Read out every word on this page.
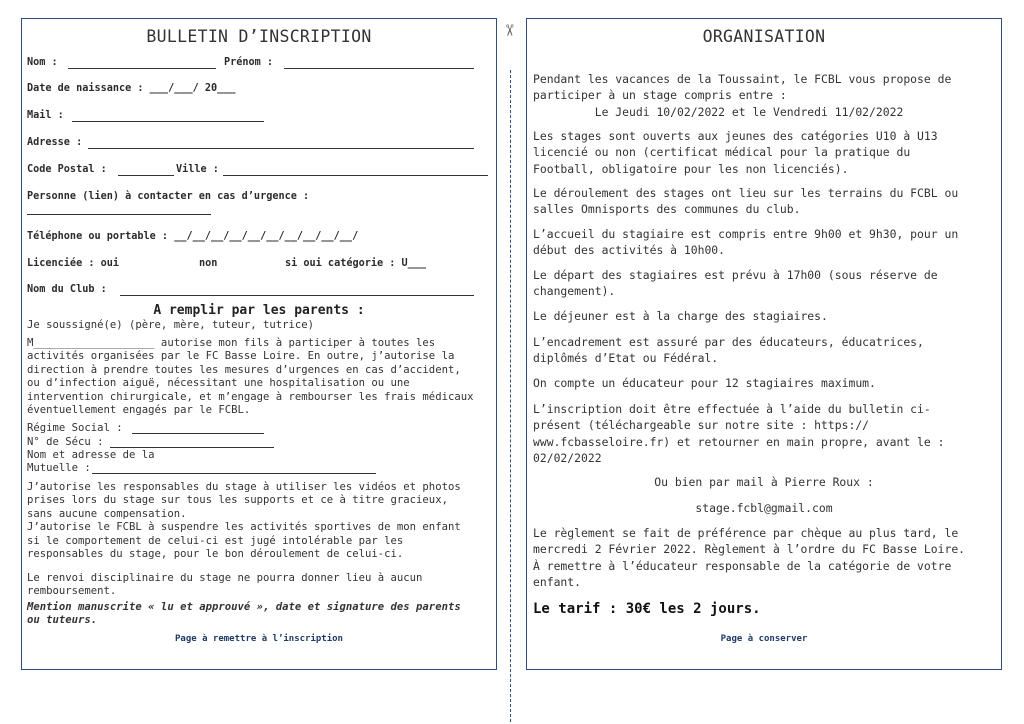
✂
BULLETIN D’INSCRIPTION
Nom :	Prénom :
Date de naissance : ___/___/ 20___
Mail :
Adresse :
Code Postal :	Ville :
Personne (lien) à contacter en cas d’urgence :
Téléphone ou portable : __/__/__/__/__/__/__/__/__/__/
Licenciée : oui	non	si oui catégorie : U___
Nom du Club :
A remplir par les parents :
Je soussigné(e) (père, mère, tuteur, tutrice)
M___________________ autorise mon fils à participer à toutes les
activités organisées par le FC Basse Loire. En outre, j’autorise la
direction à prendre toutes les mesures d’urgences en cas d’accident,
ou d’infection aiguë, nécessitant une hospitalisation ou une
intervention chirurgicale, et m’engage à rembourser les frais médicaux
éventuellement engagés par le FCBL.
Régime Social :
N° de Sécu :
Nom et adresse de la
Mutuelle :
J’autorise les responsables du stage à utiliser les vidéos et photos
prises lors du stage sur tous les supports et ce à titre gracieux,
sans aucune compensation.
J’autorise le FCBL à suspendre les activités sportives de mon enfant
si le comportement de celui-ci est jugé intolérable par les
responsables du stage, pour le bon déroulement de celui-ci.
Le renvoi disciplinaire du stage ne pourra donner lieu à aucun
remboursement.
Mention manuscrite « lu et approuvé », date et signature des parents
ou tuteurs.
Page à remettre à l’inscription
ORGANISATION
Pendant les vacances de la Toussaint, le FCBL vous propose de
participer à un stage compris entre :
Le Jeudi 10/02/2022 et le Vendredi 11/02/2022
Les stages sont ouverts aux jeunes des catégories U10 à U13
licencié ou non (certificat médical pour la pratique du
Football, obligatoire pour les non licenciés).
Le déroulement des stages ont lieu sur les terrains du FCBL ou
salles Omnisports des communes du club.
L’accueil du stagiaire est compris entre 9h00 et 9h30, pour un
début des activités à 10h00.
Le départ des stagiaires est prévu à 17h00 (sous réserve de
changement).
Le déjeuner est à la charge des stagiaires.
L’encadrement est assuré par des éducateurs, éducatrices,
diplômés d’Etat ou Fédéral.
On compte un éducateur pour 12 stagiaires maximum.
L’inscription doit être effectuée à l’aide du bulletin ci-
présent (téléchargeable sur notre site : https://
www.fcbasseloire.fr) et retourner en main propre, avant le :
02/02/2022
Ou bien par mail à Pierre Roux :
stage.fcbl@gmail.com
Le règlement se fait de préférence par chèque au plus tard, le
mercredi 2 Février 2022. Règlement à l’ordre du FC Basse Loire.
À remettre à l’éducateur responsable de la catégorie de votre
enfant.
Le tarif : 30€ les 2 jours.
Page à conserver
